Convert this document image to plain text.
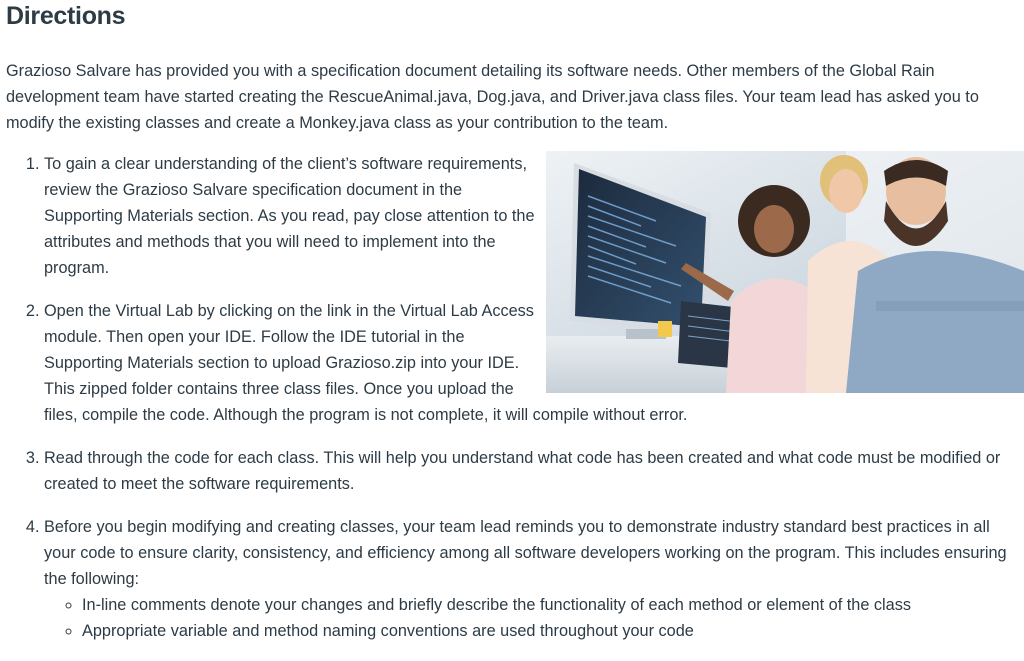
Directions

Grazioso Salvare has provided you with a specification document detailing its software needs. Other members of the Global Rain development team have started creating the RescueAnimal.java, Dog.java, and Driver.java class files. Your team lead has asked you to modify the existing classes and create a Monkey.java class as your contribution to the team.

1. To gain a clear understanding of the client’s software requirements, review the Grazioso Salvare specification document in the Supporting Materials section. As you read, pay close attention to the attributes and methods that you will need to implement into the program.
2. Open the Virtual Lab by clicking on the link in the Virtual Lab Access module. Then open your IDE. Follow the IDE tutorial in the Supporting Materials section to upload Grazioso.zip into your IDE. This zipped folder contains three class files. Once you upload the files, compile the code. Although the program is not complete, it will compile without error.
3. Read through the code for each class. This will help you understand what code has been created and what code must be modified or created to meet the software requirements.
4. Before you begin modifying and creating classes, your team lead reminds you to demonstrate industry standard best practices in all your code to ensure clarity, consistency, and efficiency among all software developers working on the program. This includes ensuring the following:
◦ In-line comments denote your changes and briefly describe the functionality of each method or element of the class
◦ Appropriate variable and method naming conventions are used throughout your code
